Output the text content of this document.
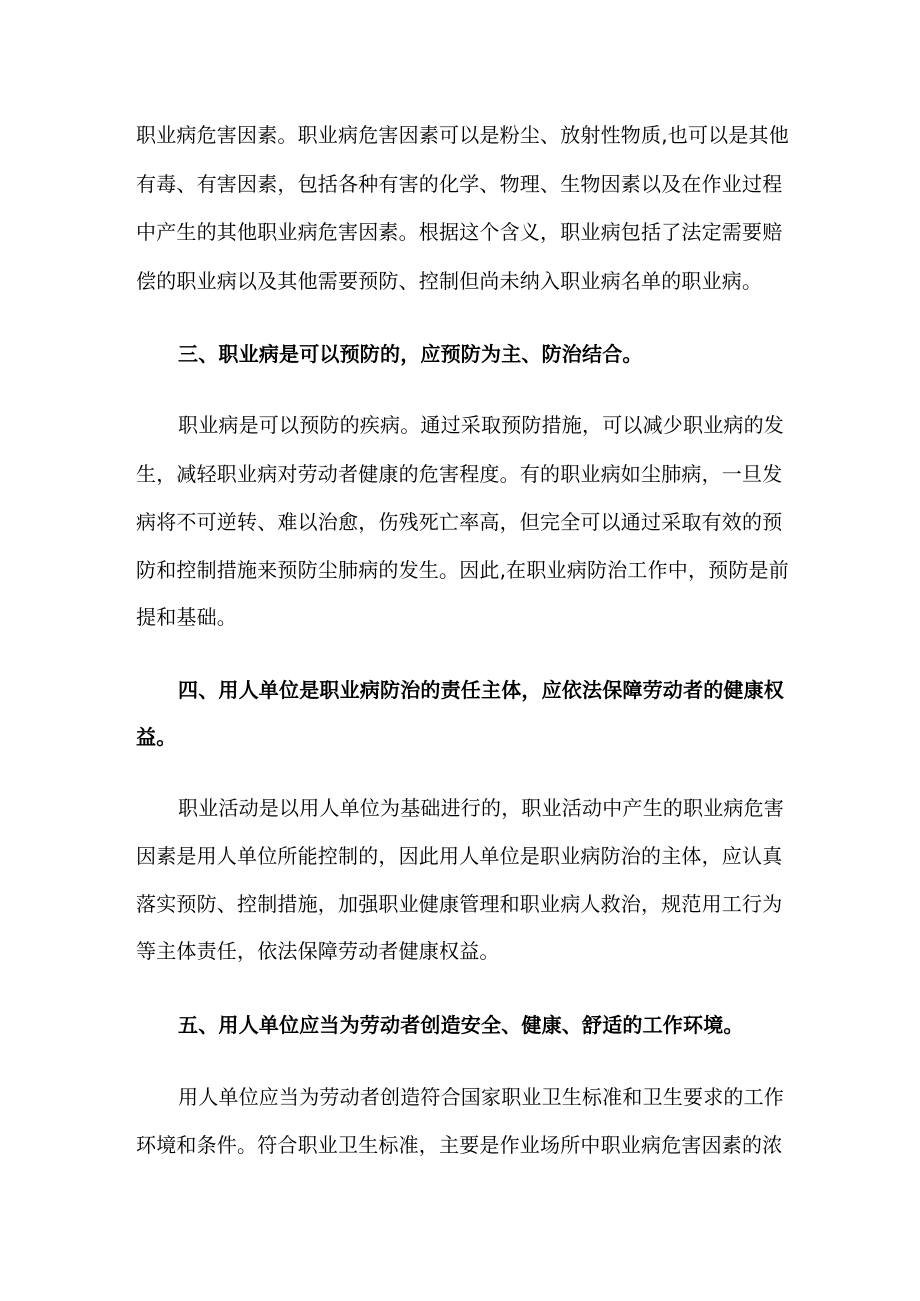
职业病危害因素。职业病危害因素可以是粉尘、放射性物质,也可以是其他
有毒、有害因素，包括各种有害的化学、物理、生物因素以及在作业过程
中产生的其他职业病危害因素。根据这个含义，职业病包括了法定需要赔
偿的职业病以及其他需要预防、控制但尚未纳入职业病名单的职业病。
三、职业病是可以预防的，应预防为主、防治结合。
职业病是可以预防的疾病。通过采取预防措施，可以减少职业病的发
生，减轻职业病对劳动者健康的危害程度。有的职业病如尘肺病，一旦发
病将不可逆转、难以治愈，伤残死亡率高，但完全可以通过采取有效的预
防和控制措施来预防尘肺病的发生。因此,在职业病防治工作中，预防是前
提和基础。
四、用人单位是职业病防治的责任主体，应依法保障劳动者的健康权
益。
职业活动是以用人单位为基础进行的，职业活动中产生的职业病危害
因素是用人单位所能控制的，因此用人单位是职业病防治的主体，应认真
落实预防、控制措施，加强职业健康管理和职业病人救治，规范用工行为
等主体责任，依法保障劳动者健康权益。
五、用人单位应当为劳动者创造安全、健康、舒适的工作环境。
用人单位应当为劳动者创造符合国家职业卫生标准和卫生要求的工作
环境和条件。符合职业卫生标准，主要是作业场所中职业病危害因素的浓
